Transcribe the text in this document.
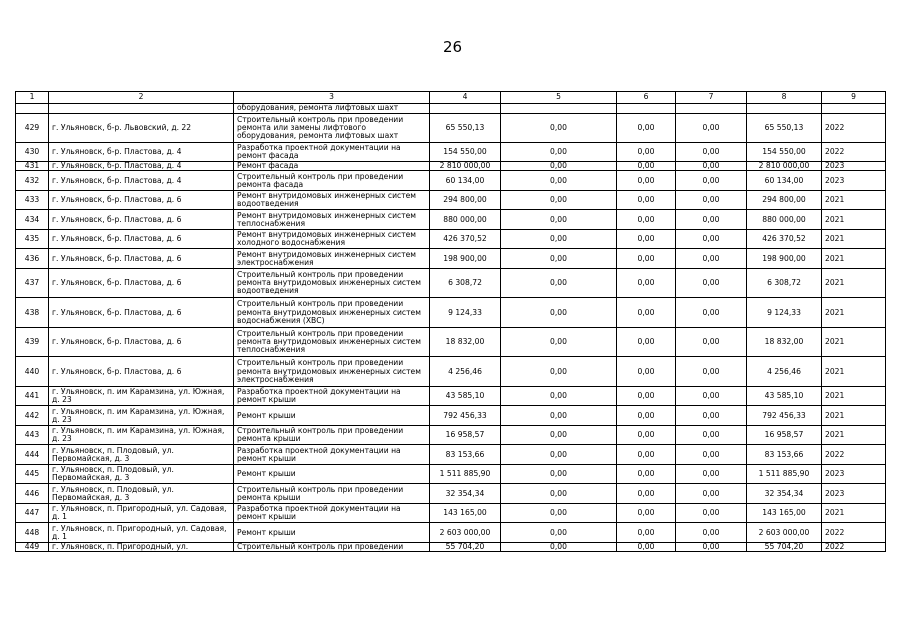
26
1	2	3	4	5	6	7	8	9
		оборудования, ремонта лифтовых шахт						
429	г. Ульяновск, б-р. Львовский, д. 22	Строительный контроль при проведении ремонта или замены лифтового оборудования, ремонта лифтовых шахт	65 550,13	0,00	0,00	0,00	65 550,13	2022
430	г. Ульяновск, б-р. Пластова, д. 4	Разработка проектной документации на ремонт фасада	154 550,00	0,00	0,00	0,00	154 550,00	2022
431	г. Ульяновск, б-р. Пластова, д. 4	Ремонт фасада	2 810 000,00	0,00	0,00	0,00	2 810 000,00	2023
432	г. Ульяновск, б-р. Пластова, д. 4	Строительный контроль при проведении ремонта фасада	60 134,00	0,00	0,00	0,00	60 134,00	2023
433	г. Ульяновск, б-р. Пластова, д. 6	Ремонт внутридомовых инженерных систем водоотведения	294 800,00	0,00	0,00	0,00	294 800,00	2021
434	г. Ульяновск, б-р. Пластова, д. 6	Ремонт внутридомовых инженерных систем теплоснабжения	880 000,00	0,00	0,00	0,00	880 000,00	2021
435	г. Ульяновск, б-р. Пластова, д. 6	Ремонт внутридомовых инженерных систем холодного водоснабжения	426 370,52	0,00	0,00	0,00	426 370,52	2021
436	г. Ульяновск, б-р. Пластова, д. 6	Ремонт внутридомовых инженерных систем электроснабжения	198 900,00	0,00	0,00	0,00	198 900,00	2021
437	г. Ульяновск, б-р. Пластова, д. 6	Строительный контроль при проведении ремонта внутридомовых инженерных систем водоотведения	6 308,72	0,00	0,00	0,00	6 308,72	2021
438	г. Ульяновск, б-р. Пластова, д. 6	Строительный контроль при проведении ремонта внутридомовых инженерных систем водоснабжения (ХВС)	9 124,33	0,00	0,00	0,00	9 124,33	2021
439	г. Ульяновск, б-р. Пластова, д. 6	Строительный контроль при проведении ремонта внутридомовых инженерных систем теплоснабжения	18 832,00	0,00	0,00	0,00	18 832,00	2021
440	г. Ульяновск, б-р. Пластова, д. 6	Строительный контроль при проведении ремонта внутридомовых инженерных систем электроснабжения	4 256,46	0,00	0,00	0,00	4 256,46	2021
441	г. Ульяновск, п. им Карамзина, ул. Южная, д. 23	Разработка проектной документации на ремонт крыши	43 585,10	0,00	0,00	0,00	43 585,10	2021
442	г. Ульяновск, п. им Карамзина, ул. Южная, д. 23	Ремонт крыши	792 456,33	0,00	0,00	0,00	792 456,33	2021
443	г. Ульяновск, п. им Карамзина, ул. Южная, д. 23	Строительный контроль при проведении ремонта крыши	16 958,57	0,00	0,00	0,00	16 958,57	2021
444	г. Ульяновск, п. Плодовый, ул. Первомайская, д. 3	Разработка проектной документации на ремонт крыши	83 153,66	0,00	0,00	0,00	83 153,66	2022
445	г. Ульяновск, п. Плодовый, ул. Первомайская, д. 3	Ремонт крыши	1 511 885,90	0,00	0,00	0,00	1 511 885,90	2023
446	г. Ульяновск, п. Плодовый, ул. Первомайская, д. 3	Строительный контроль при проведении ремонта крыши	32 354,34	0,00	0,00	0,00	32 354,34	2023
447	г. Ульяновск, п. Пригородный, ул. Садовая, д. 1	Разработка проектной документации на ремонт крыши	143 165,00	0,00	0,00	0,00	143 165,00	2021
448	г. Ульяновск, п. Пригородный, ул. Садовая, д. 1	Ремонт крыши	2 603 000,00	0,00	0,00	0,00	2 603 000,00	2022
449	г. Ульяновск, п. Пригородный, ул.	Строительный контроль при проведении	55 704,20	0,00	0,00	0,00	55 704,20	2022
